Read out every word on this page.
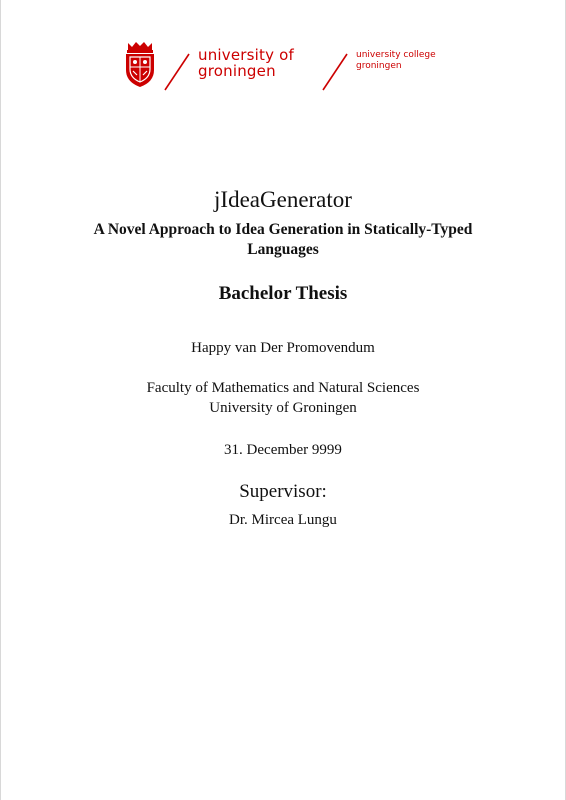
university of
groningen
university college
groningen
jIdeaGenerator
A Novel Approach to Idea Generation in Statically-Typed Languages
Bachelor Thesis
Happy van Der Promovendum
Faculty of Mathematics and Natural Sciences
University of Groningen
31. December 9999
Supervisor:
Dr. Mircea Lungu
